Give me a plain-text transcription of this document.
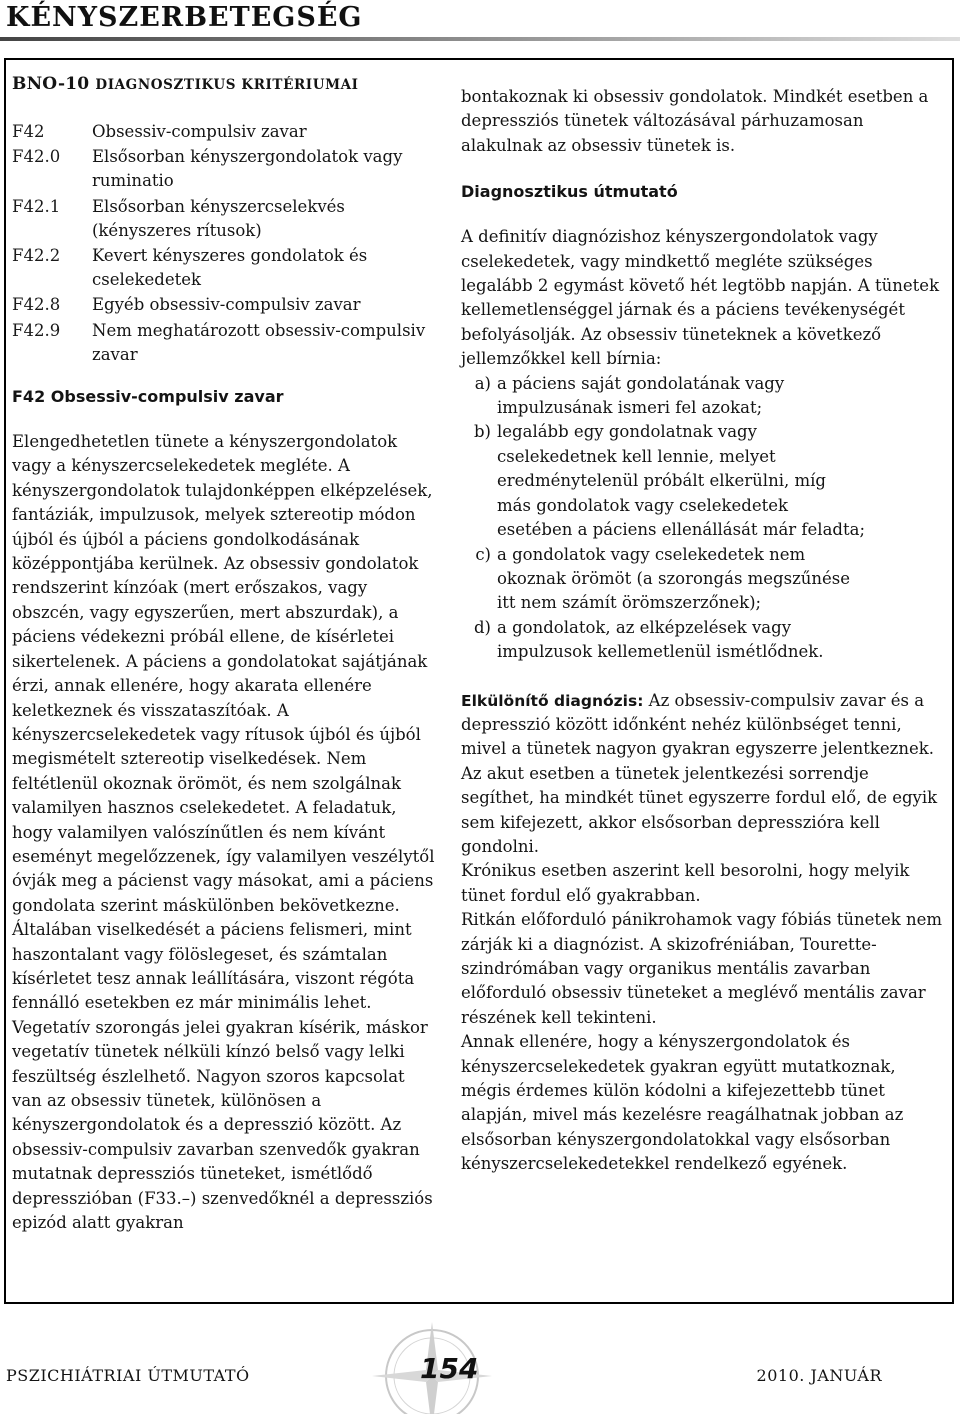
KÉNYSZERBETEGSÉG
BNO-10 DIAGNOSZTIKUS KRITÉRIUMAI
F42	Obsessiv-compulsiv zavar
F42.0	Elsősorban kényszergondolatok vagy ruminatio
F42.1	Elsősorban kényszercselekvés (kényszeres rítusok)
F42.2	Kevert kényszeres gondolatok és cselekedetek
F42.8	Egyéb obsessiv-compulsiv zavar
F42.9	Nem meghatározott obsessiv-compulsiv zavar
F42 Obsessiv-compulsiv zavar

Elengedhetetlen tünete a kényszergondolatok vagy a kényszercselekedetek megléte. A kényszergondolatok tulajdonképpen elképzelések, fantáziák, impulzusok, melyek sztereotip módon újból és újból a páciens gondolkodásának középpontjába kerülnek. Az obsessiv gondolatok rendszerint kínzóak (mert erőszakos, vagy obszcén, vagy egyszerűen, mert abszurdak), a páciens védekezni próbál ellene, de kísérletei sikertelenek. A páciens a gondolatokat sajátjának érzi, annak ellenére, hogy akarata ellenére keletkeznek és visszataszítóak. A kényszercselekedetek vagy rítusok újból és újból megismételt sztereotip viselkedések. Nem feltétlenül okoznak örömöt, és nem szolgálnak valamilyen hasznos cselekedetet. A feladatuk, hogy valamilyen valószínűtlen és nem kívánt eseményt megelőzzenek, így valamilyen veszélytől óvják meg a pácienst vagy másokat, ami a páciens gondolata szerint máskülönben bekövetkezne. Általában viselkedését a páciens felismeri, mint haszontalant vagy fölöslegeset, és számtalan kísérletet tesz annak leállítására, viszont régóta fennálló esetekben ez már minimális lehet. Vegetatív szorongás jelei gyakran kísérik, máskor vegetatív tünetek nélküli kínzó belső vagy lelki feszültség észlelhető. Nagyon szoros kapcsolat van az obsessiv tünetek, különösen a kényszergondolatok és a depresszió között. Az obsessiv-compulsiv zavarban szenvedők gyakran mutatnak depressziós tüneteket, ismétlődő depresszióban (F33.–) szenvedőknél a depressziós epizód alatt gyakran

bontakoznak ki obsessiv gondolatok. Mindkét esetben a depressziós tünetek változásával párhuzamosan alakulnak az obsessiv tünetek is.

Diagnosztikus útmutató

A definitív diagnózishoz kényszergondolatok vagy cselekedetek, vagy mindkettő megléte szükséges legalább 2 egymást követő hét legtöbb napján. A tünetek kellemetlenséggel járnak és a páciens tevékenységét befolyásolják. Az obsessiv tüneteknek a következő jellemzőkkel kell bírnia:

a) a páciens saját gondolatának vagy
impulzusának ismeri fel azokat;
b) legalább egy gondolatnak vagy
cselekedetnek kell lennie, melyet
eredménytelenül próbált elkerülni, míg
más gondolatok vagy cselekedetek
esetében a páciens ellenállását már feladta;
c) a gondolatok vagy cselekedetek nem
okoznak örömöt (a szorongás megszűnése
itt nem számít örömszerzőnek);
d) a gondolatok, az elképzelések vagy
impulzusok kellemetlenül ismétlődnek.

Elkülönítő diagnózis: Az obsessiv-compulsiv zavar és a depresszió között időnként nehéz különbséget tenni, mivel a tünetek nagyon gyakran egyszerre jelentkeznek. Az akut esetben a tünetek jelentkezési sorrendje segíthet, ha mindkét tünet egyszerre fordul elő, de egyik sem kifejezett, akkor elsősorban depresszióra kell gondolni.

Krónikus esetben aszerint kell besorolni, hogy melyik tünet fordul elő gyakrabban.

Ritkán előforduló pánikrohamok vagy fóbiás tünetek nem zárják ki a diagnózist. A skizofréniában, Tourette-szindrómában vagy organikus mentális zavarban előforduló obsessiv tüneteket a meglévő mentális zavar részének kell tekinteni.

Annak ellenére, hogy a kényszergondolatok és kényszercselekedetek gyakran együtt mutatkoznak, mégis érdemes külön kódolni a kifejezettebb tünet alapján, mivel más kezelésre reagálhatnak jobban az elsősorban kényszergondolatokkal vagy elsősorban kényszercselekedetekkel rendelkező egyének.

PSZICHIÁTRIAI ÚTMUTATÓ	154	2010. JANUÁR
